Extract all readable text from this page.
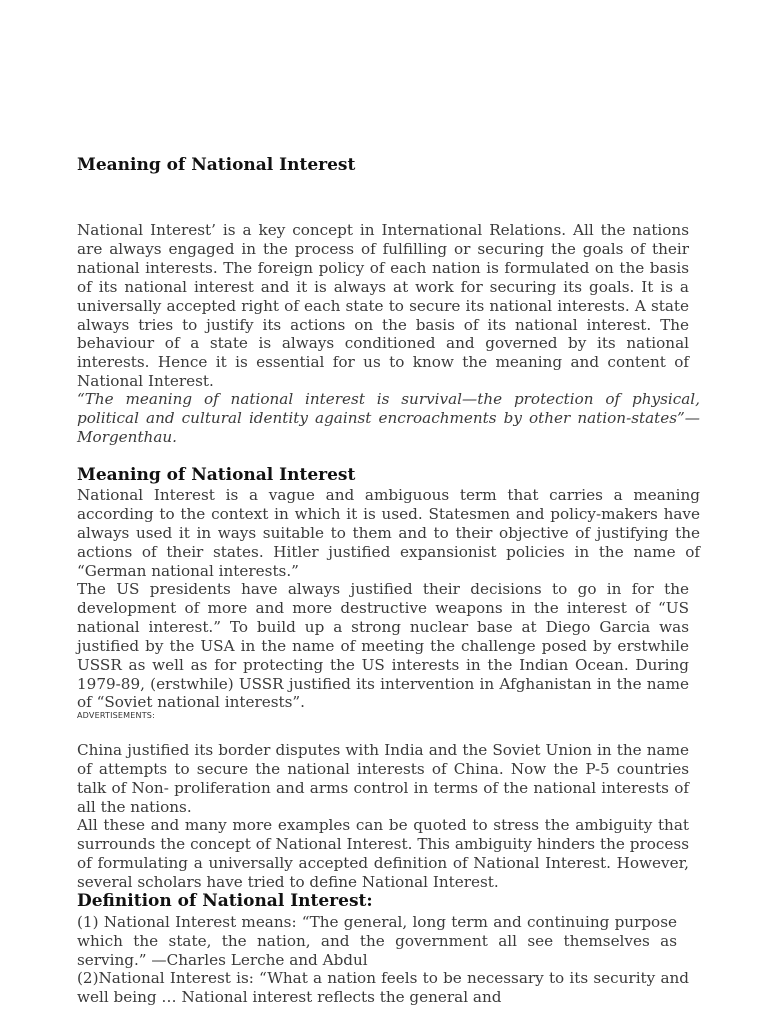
Meaning of National Interest

National Interest’ is a key concept in International Relations. All the nations are always engaged in the process of fulfilling or securing the goals of their national interests. The foreign policy of each nation is formulated on the basis of its national interest and it is always at work for securing its goals. It is a universally accepted right of each state to secure its national interests. A state always tries to justify its actions on the basis of its national interest. The behaviour of a state is always conditioned and governed by its national interests. Hence it is essential for us to know the meaning and content of National Interest.

“The meaning of national interest is survival—the protection of physical, political and cultural identity against encroachments by other nation-states”—Morgenthau.

Meaning of National Interest

National Interest is a vague and ambiguous term that carries a meaning according to the context in which it is used. Statesmen and policy-makers have always used it in ways suitable to them and to their objective of justifying the actions of their states. Hitler justified expansionist policies in the name of “German national interests.”

The US presidents have always justified their decisions to go in for the development of more and more destructive weapons in the interest of “US national interest.” To build up a strong nuclear base at Diego Garcia was justified by the USA in the name of meeting the challenge posed by erstwhile USSR as well as for protecting the US interests in the Indian Ocean. During 1979-89, (erstwhile) USSR justified its intervention in Afghanistan in the name of “Soviet national interests”.

ADVERTISEMENTS:

China justified its border disputes with India and the Soviet Union in the name of attempts to secure the national interests of China. Now the P-5 countries talk of Non- proliferation and arms control in terms of the national interests of all the nations.

All these and many more examples can be quoted to stress the ambiguity that surrounds the concept of National Interest. This ambiguity hinders the process of formulating a universally accepted definition of National Interest. However, several scholars have tried to define National Interest.

Definition of National Interest:

(1) National Interest means: “The general, long term and continuing purpose which the state, the nation, and the government all see themselves as serving.” —Charles Lerche and Abdul

(2)National Interest is: “What a nation feels to be necessary to its security and well being … National interest reflects the general and
